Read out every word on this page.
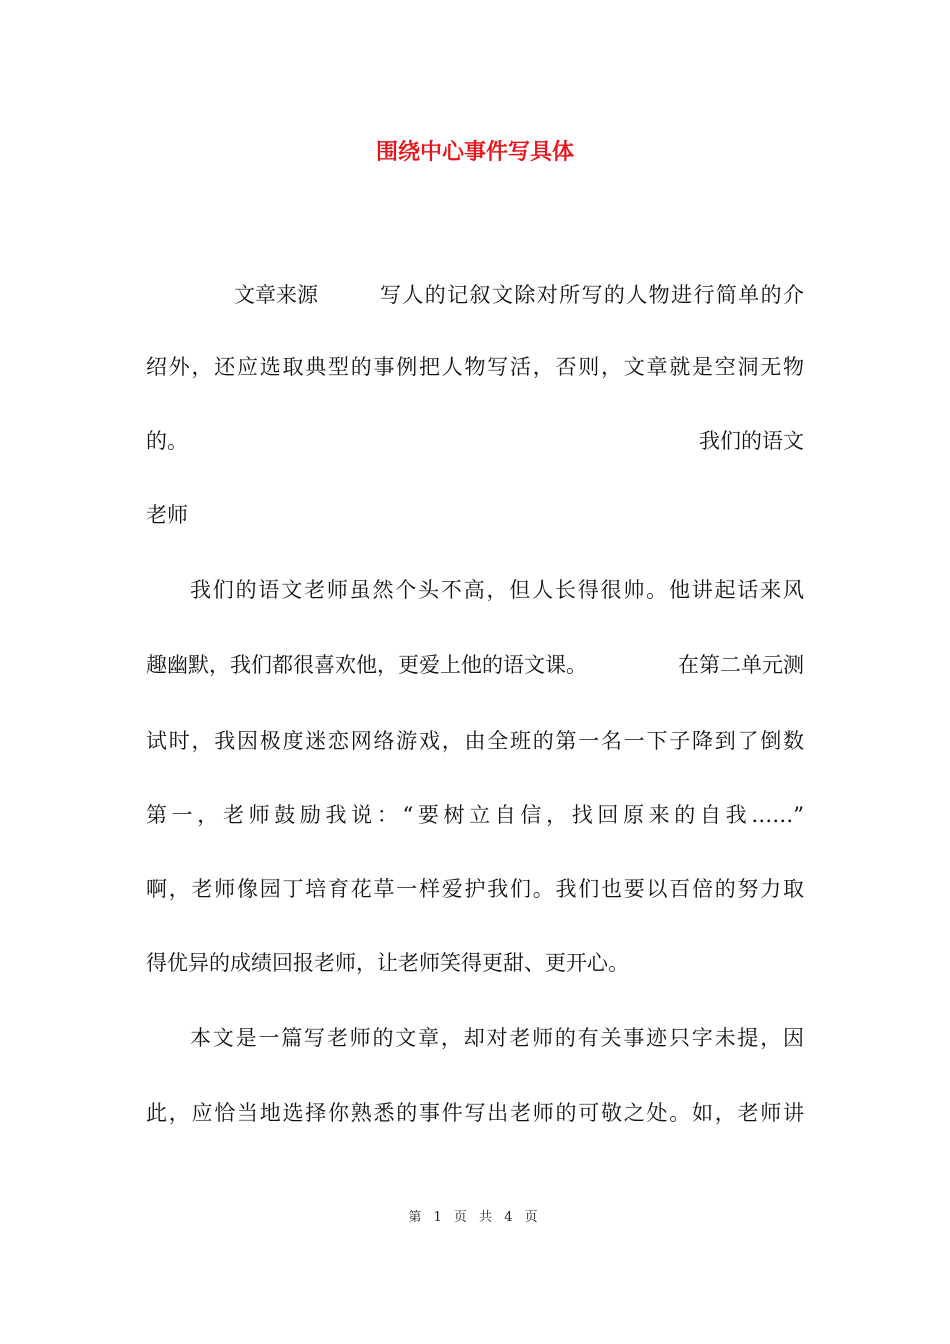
围绕中心事件写具体
文章来源	写人的记叙文除对所写的人物进行简单的介

绍外，还应选取典型的事例把人物写活，否则，文章就是空洞无物

的。	我们的语文

老师

我们的语文老师虽然个头不高，但人长得很帅。他讲起话来风

趣幽默，我们都很喜欢他，更爱上他的语文课。	在第二单元测

试时，我因极度迷恋网络游戏，由全班的第一名一下子降到了倒数

第一，老师鼓励我说：“要树立自信，找回原来的自我……”

啊，老师像园丁培育花草一样爱护我们。我们也要以百倍的努力取

得优异的成绩回报老师，让老师笑得更甜、更开心。

本文是一篇写老师的文章，却对老师的有关事迹只字未提，因

此，应恰当地选择你熟悉的事件写出老师的可敬之处。如，老师讲

第 1 页 共 4 页
